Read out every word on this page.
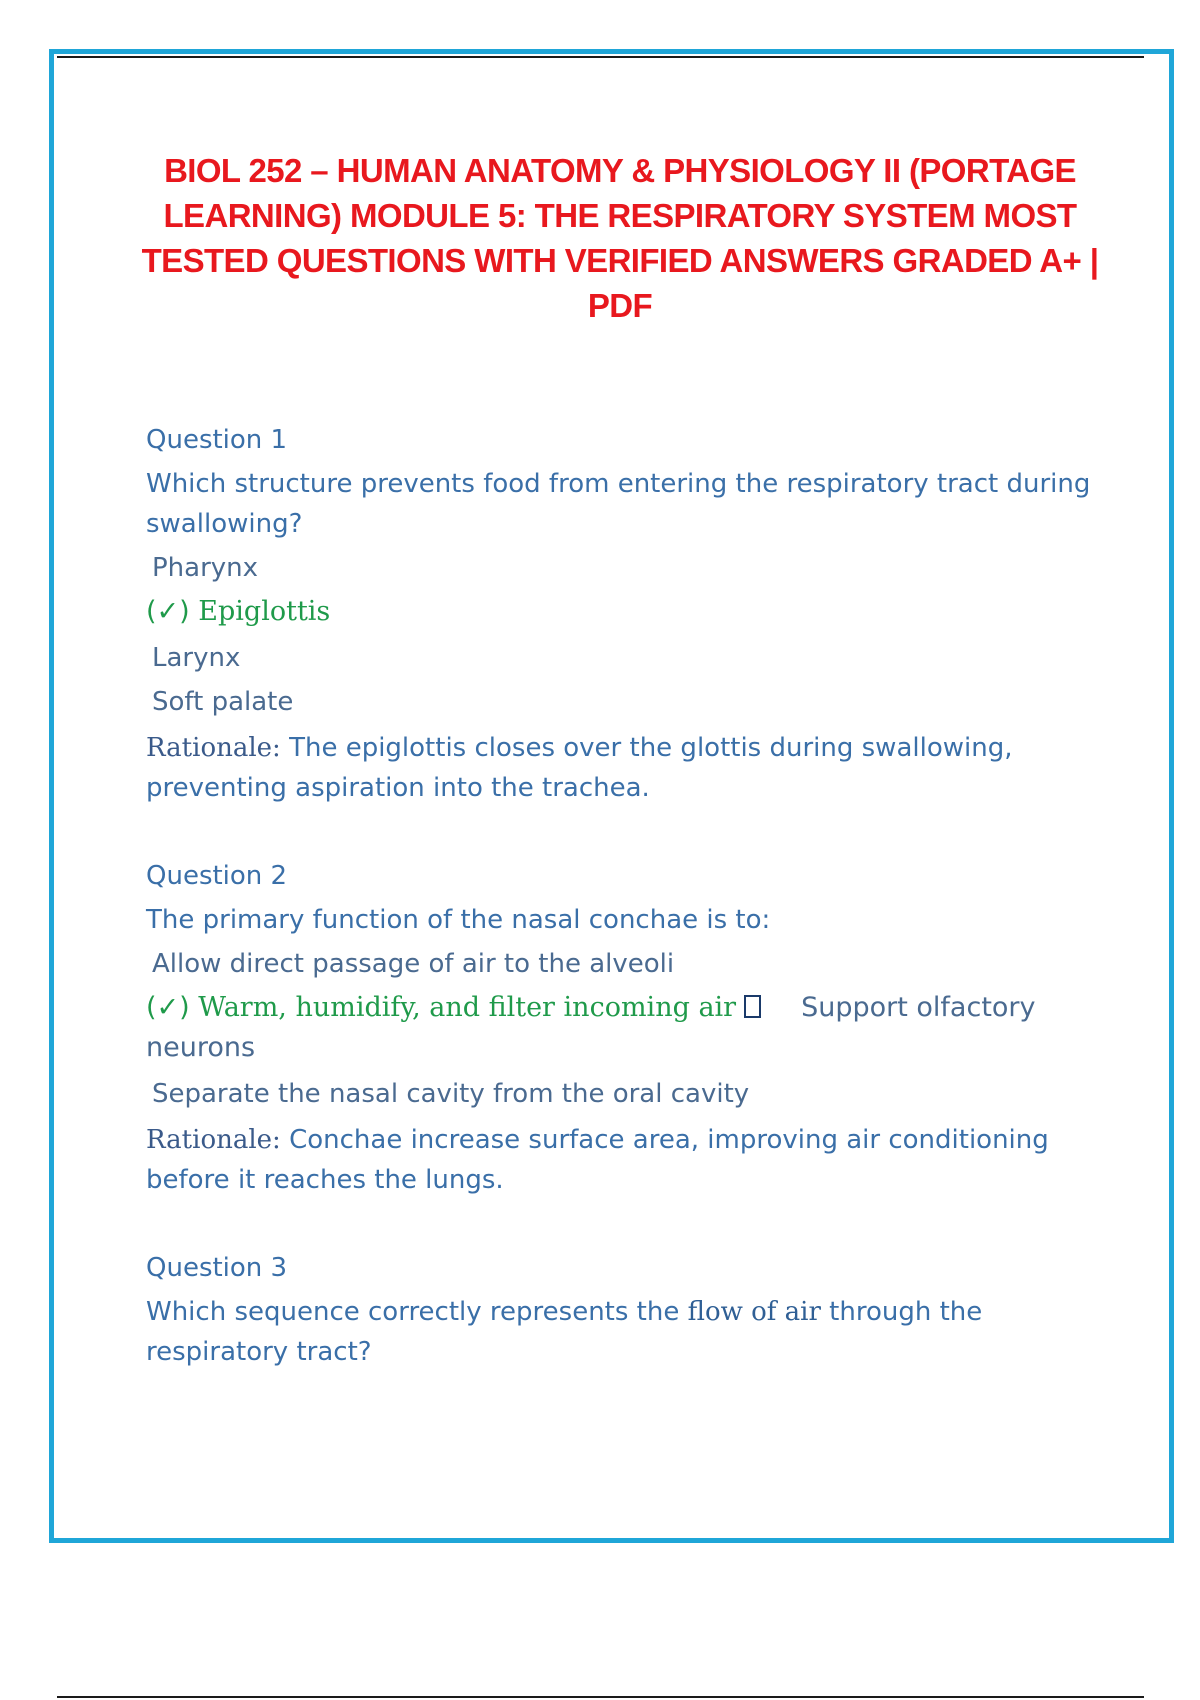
BIOL 252 – HUMAN ANATOMY & PHYSIOLOGY II (PORTAGE LEARNING) MODULE 5: THE RESPIRATORY SYSTEM MOST TESTED QUESTIONS WITH VERIFIED ANSWERS GRADED A+ | PDF

Question 1

Which structure prevents food from entering the respiratory tract during swallowing?

Pharynx

(✓) Epiglottis

Larynx

Soft palate

Rationale: The epiglottis closes over the glottis during swallowing, preventing aspiration into the trachea.

Question 2

The primary function of the nasal conchae is to:

Allow direct passage of air to the alveoli

(✓) Warm, humidify, and filter incoming air Support olfactory neurons

Separate the nasal cavity from the oral cavity

Rationale: Conchae increase surface area, improving air conditioning before it reaches the lungs.

Question 3

Which sequence correctly represents the flow of air through the respiratory tract?
